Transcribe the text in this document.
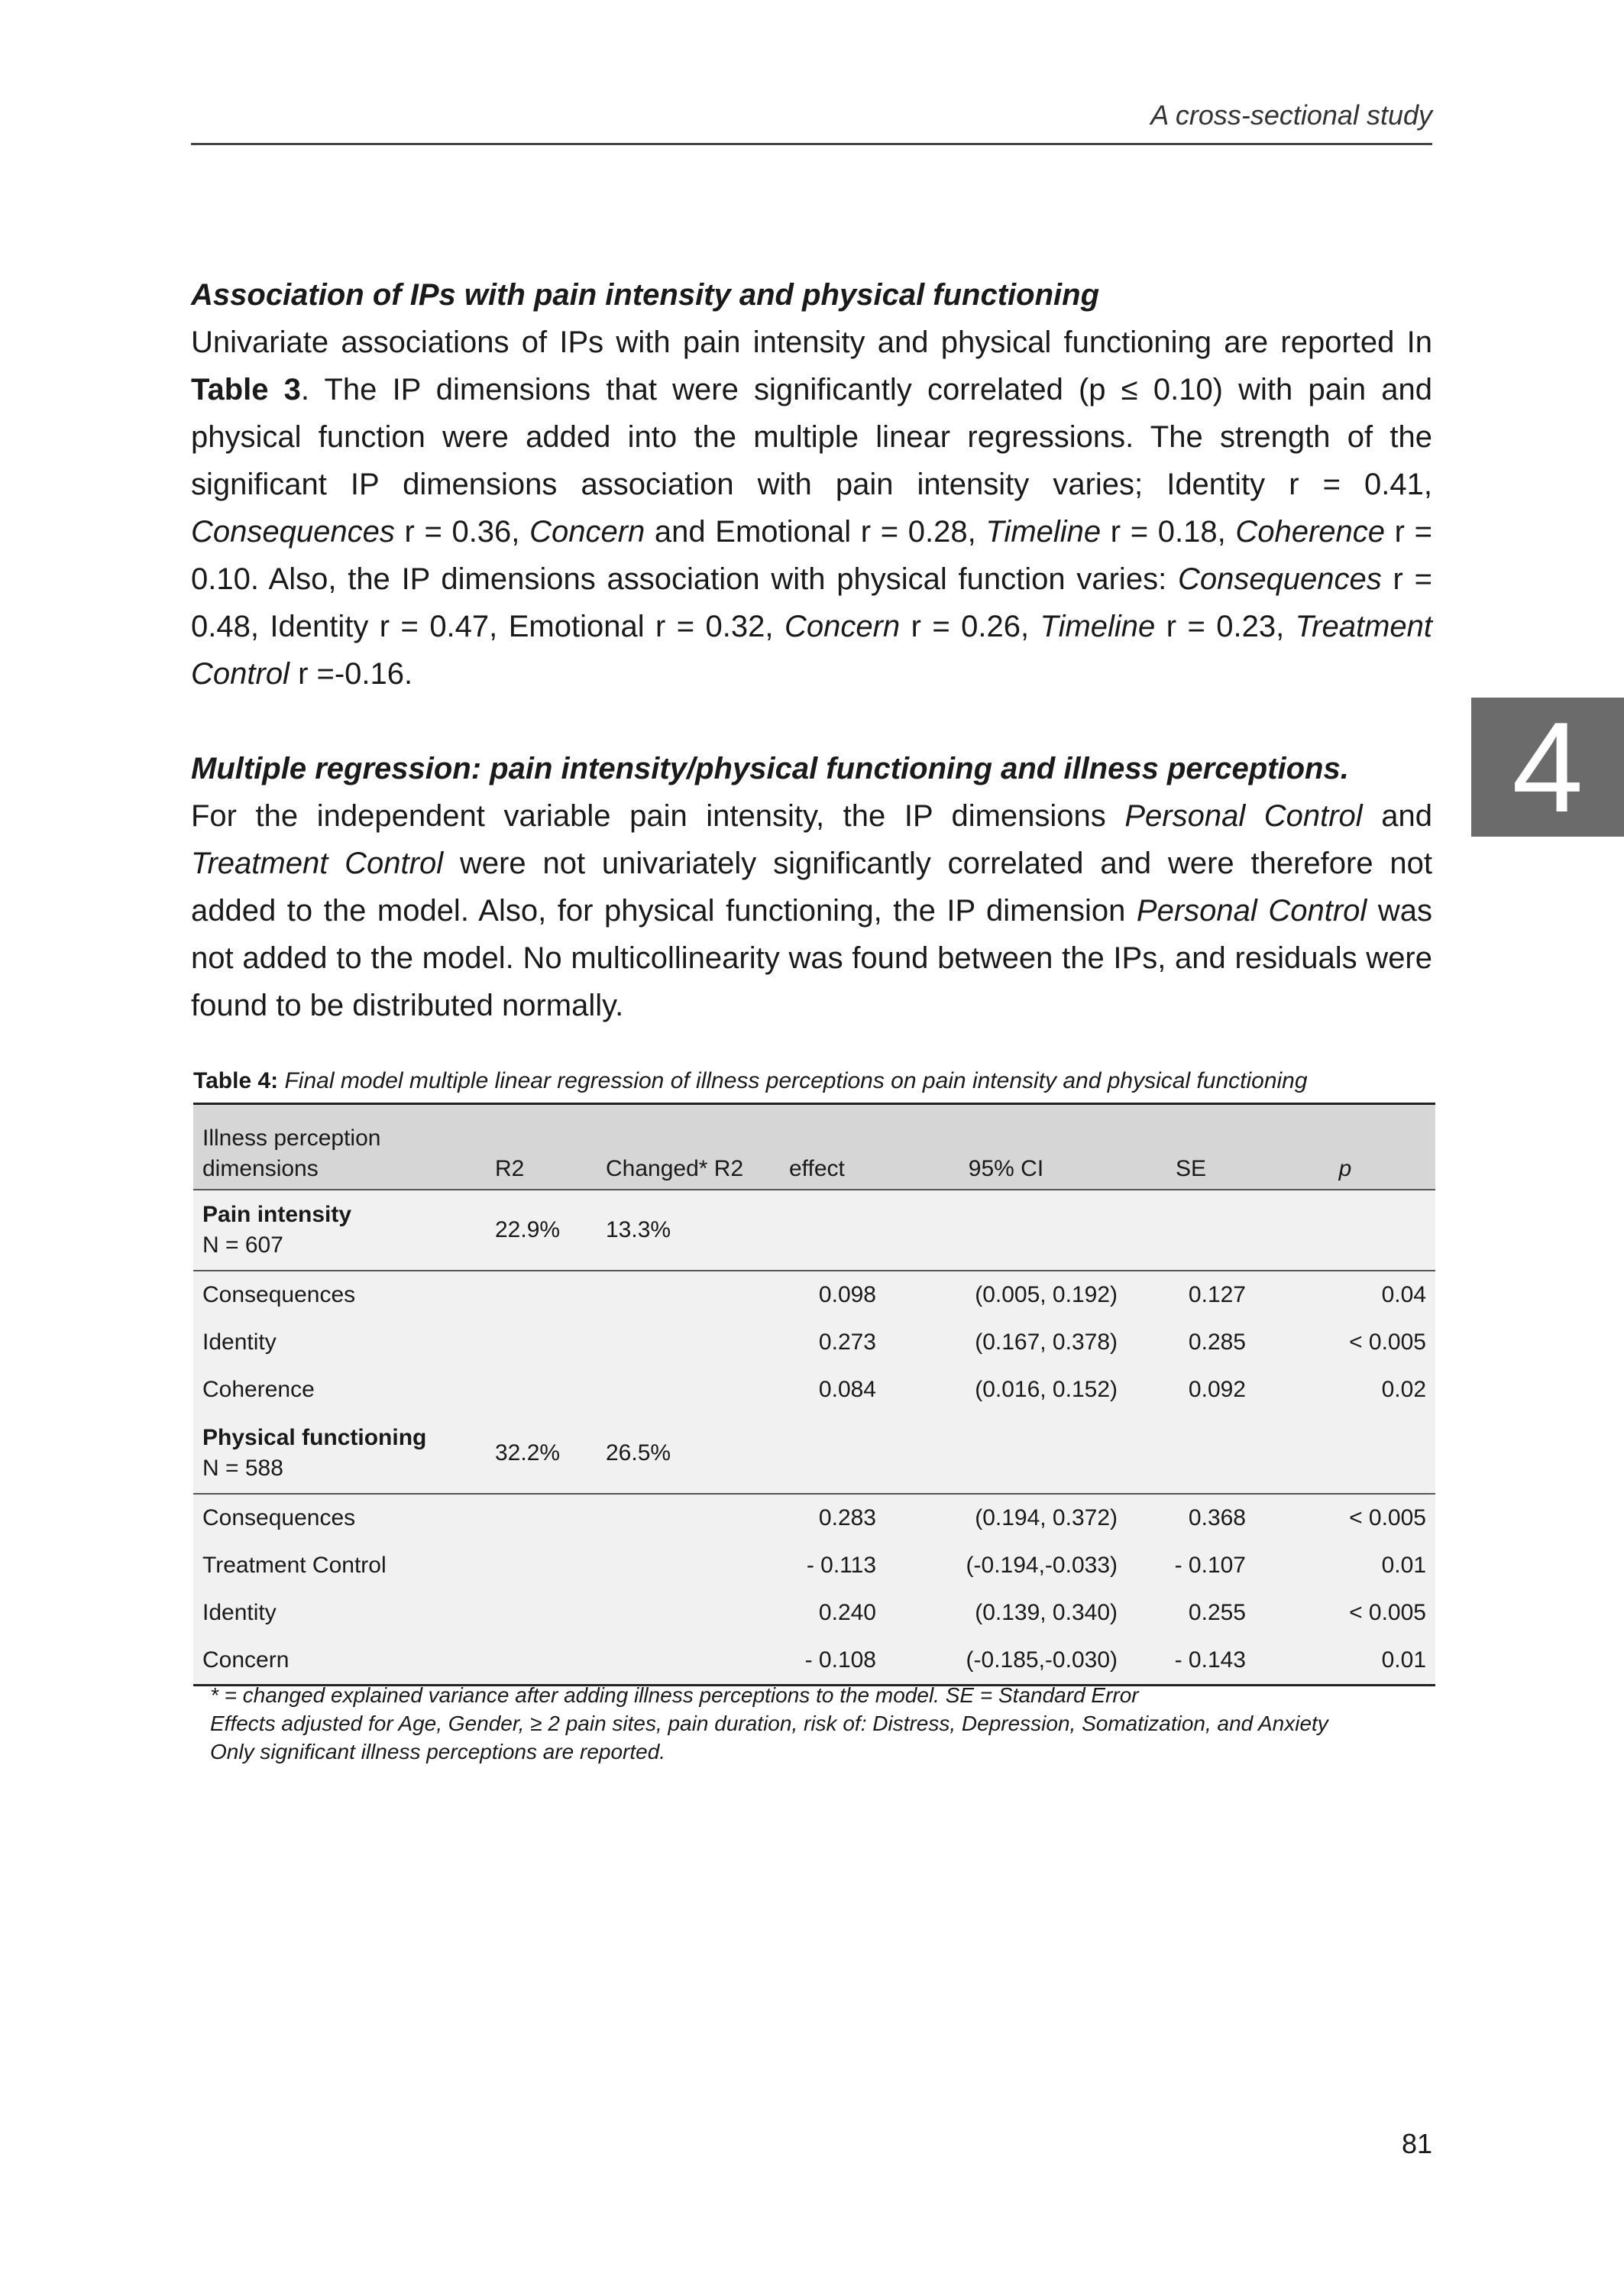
A cross-sectional study
4

Association of IPs with pain intensity and physical functioning

Univariate associations of IPs with pain intensity and physical functioning are reported In Table 3. The IP dimensions that were significantly correlated (p ≤ 0.10) with pain and physical function were added into the multiple linear regressions. The strength of the significant IP dimensions association with pain intensity varies; Identity r = 0.41, Consequences r = 0.36, Concern and Emotional r = 0.28, Timeline r = 0.18, Coherence r = 0.10. Also, the IP dimensions association with physical function varies: Consequences r = 0.48, Identity r = 0.47, Emotional r = 0.32, Concern r = 0.26, Timeline r = 0.23, Treatment Control r =-0.16.

Multiple regression: pain intensity/physical functioning and illness perceptions.

For the independent variable pain intensity, the IP dimensions Personal Control and Treatment Control were not univariately significantly correlated and were therefore not added to the model. Also, for physical functioning, the IP dimension Personal Control was not added to the model. No multicollinearity was found between the IPs, and residuals were found to be distributed normally.

Table 4: Final model multiple linear regression of illness perceptions on pain intensity and physical functioning
Illness perception
dimensions	R2	Changed* R2	effect	95% CI	SE	p

Pain intensity
N = 607	22.9%	13.3%				
Consequences			0.098	(0.005, 0.192)	0.127	0.04
Identity			0.273	(0.167, 0.378)	0.285	< 0.005
Coherence			0.084	(0.016, 0.152)	0.092	0.02

Physical functioning
N = 588	32.2%	26.5%				
Consequences			0.283	(0.194, 0.372)	0.368	< 0.005
Treatment Control			- 0.113	(-0.194,-0.033)	- 0.107	0.01
Identity			0.240	(0.139, 0.340)	0.255	< 0.005
Concern			- 0.108	(-0.185,-0.030)	- 0.143	0.01
* = changed explained variance after adding illness perceptions to the model. SE = Standard Error
Effects adjusted for Age, Gender, ≥ 2 pain sites, pain duration, risk of: Distress, Depression, Somatization, and Anxiety
Only significant illness perceptions are reported.
81
